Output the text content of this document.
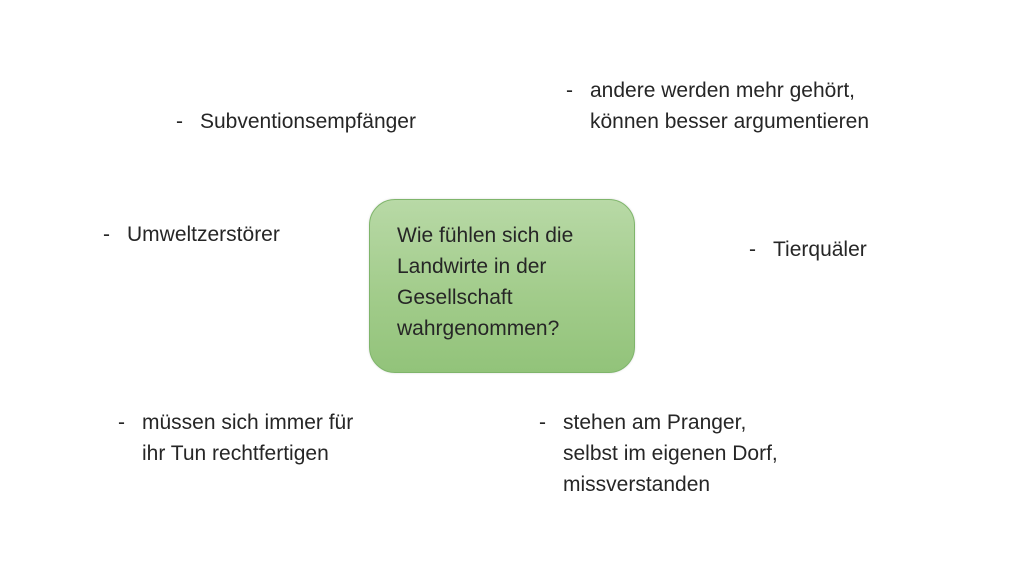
- Subventionsempfänger
- andere werden mehr gehört,
können besser argumentieren
- Umweltzerstörer	Wie fühlen sich die
Landwirte in der
Gesellschaft
wahrgenommen?
- Tierquäler
- müssen sich immer für
ihr Tun rechtfertigen
- stehen am Pranger,
selbst im eigenen Dorf,
missverstanden
